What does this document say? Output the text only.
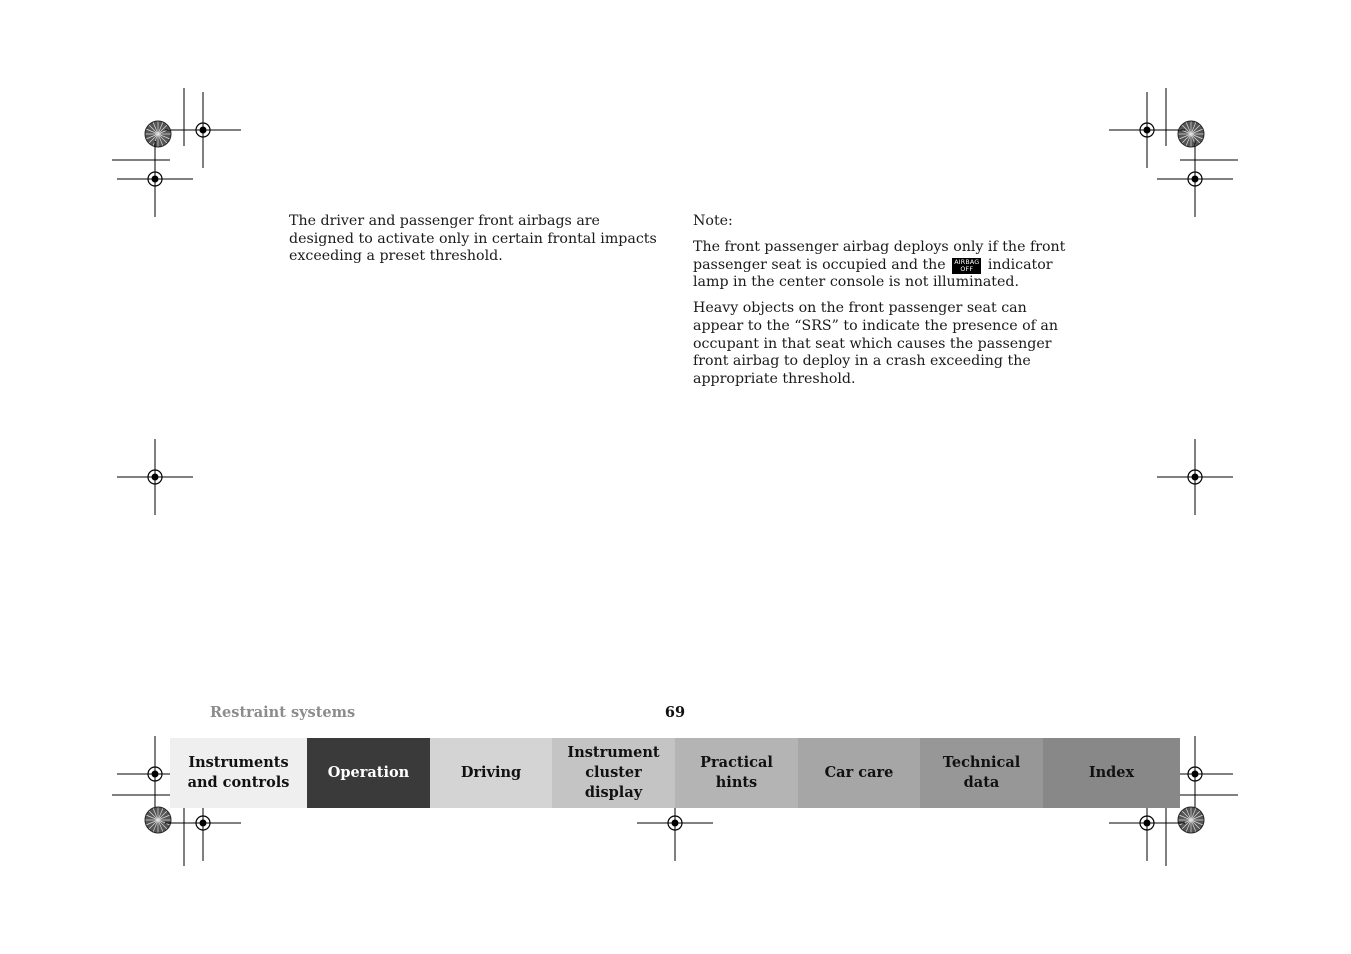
The driver and passenger front airbags are designed to activate only in certain frontal impacts exceeding a preset threshold.

Note:

The front passenger airbag deploys only if the front passenger seat is occupied and the AIRBAG
OFF	indicator lamp in the center console is not illuminated.

Heavy objects on the front passenger seat can appear to the “SRS” to indicate the presence of an occupant in that seat which causes the passenger front airbag to deploy in a crash exceeding the appropriate threshold.

Restraint systems	69
Instruments
and controls
Operation	Driving
Instrument
cluster display
Practical hints
Car care
Technical
data
Index
